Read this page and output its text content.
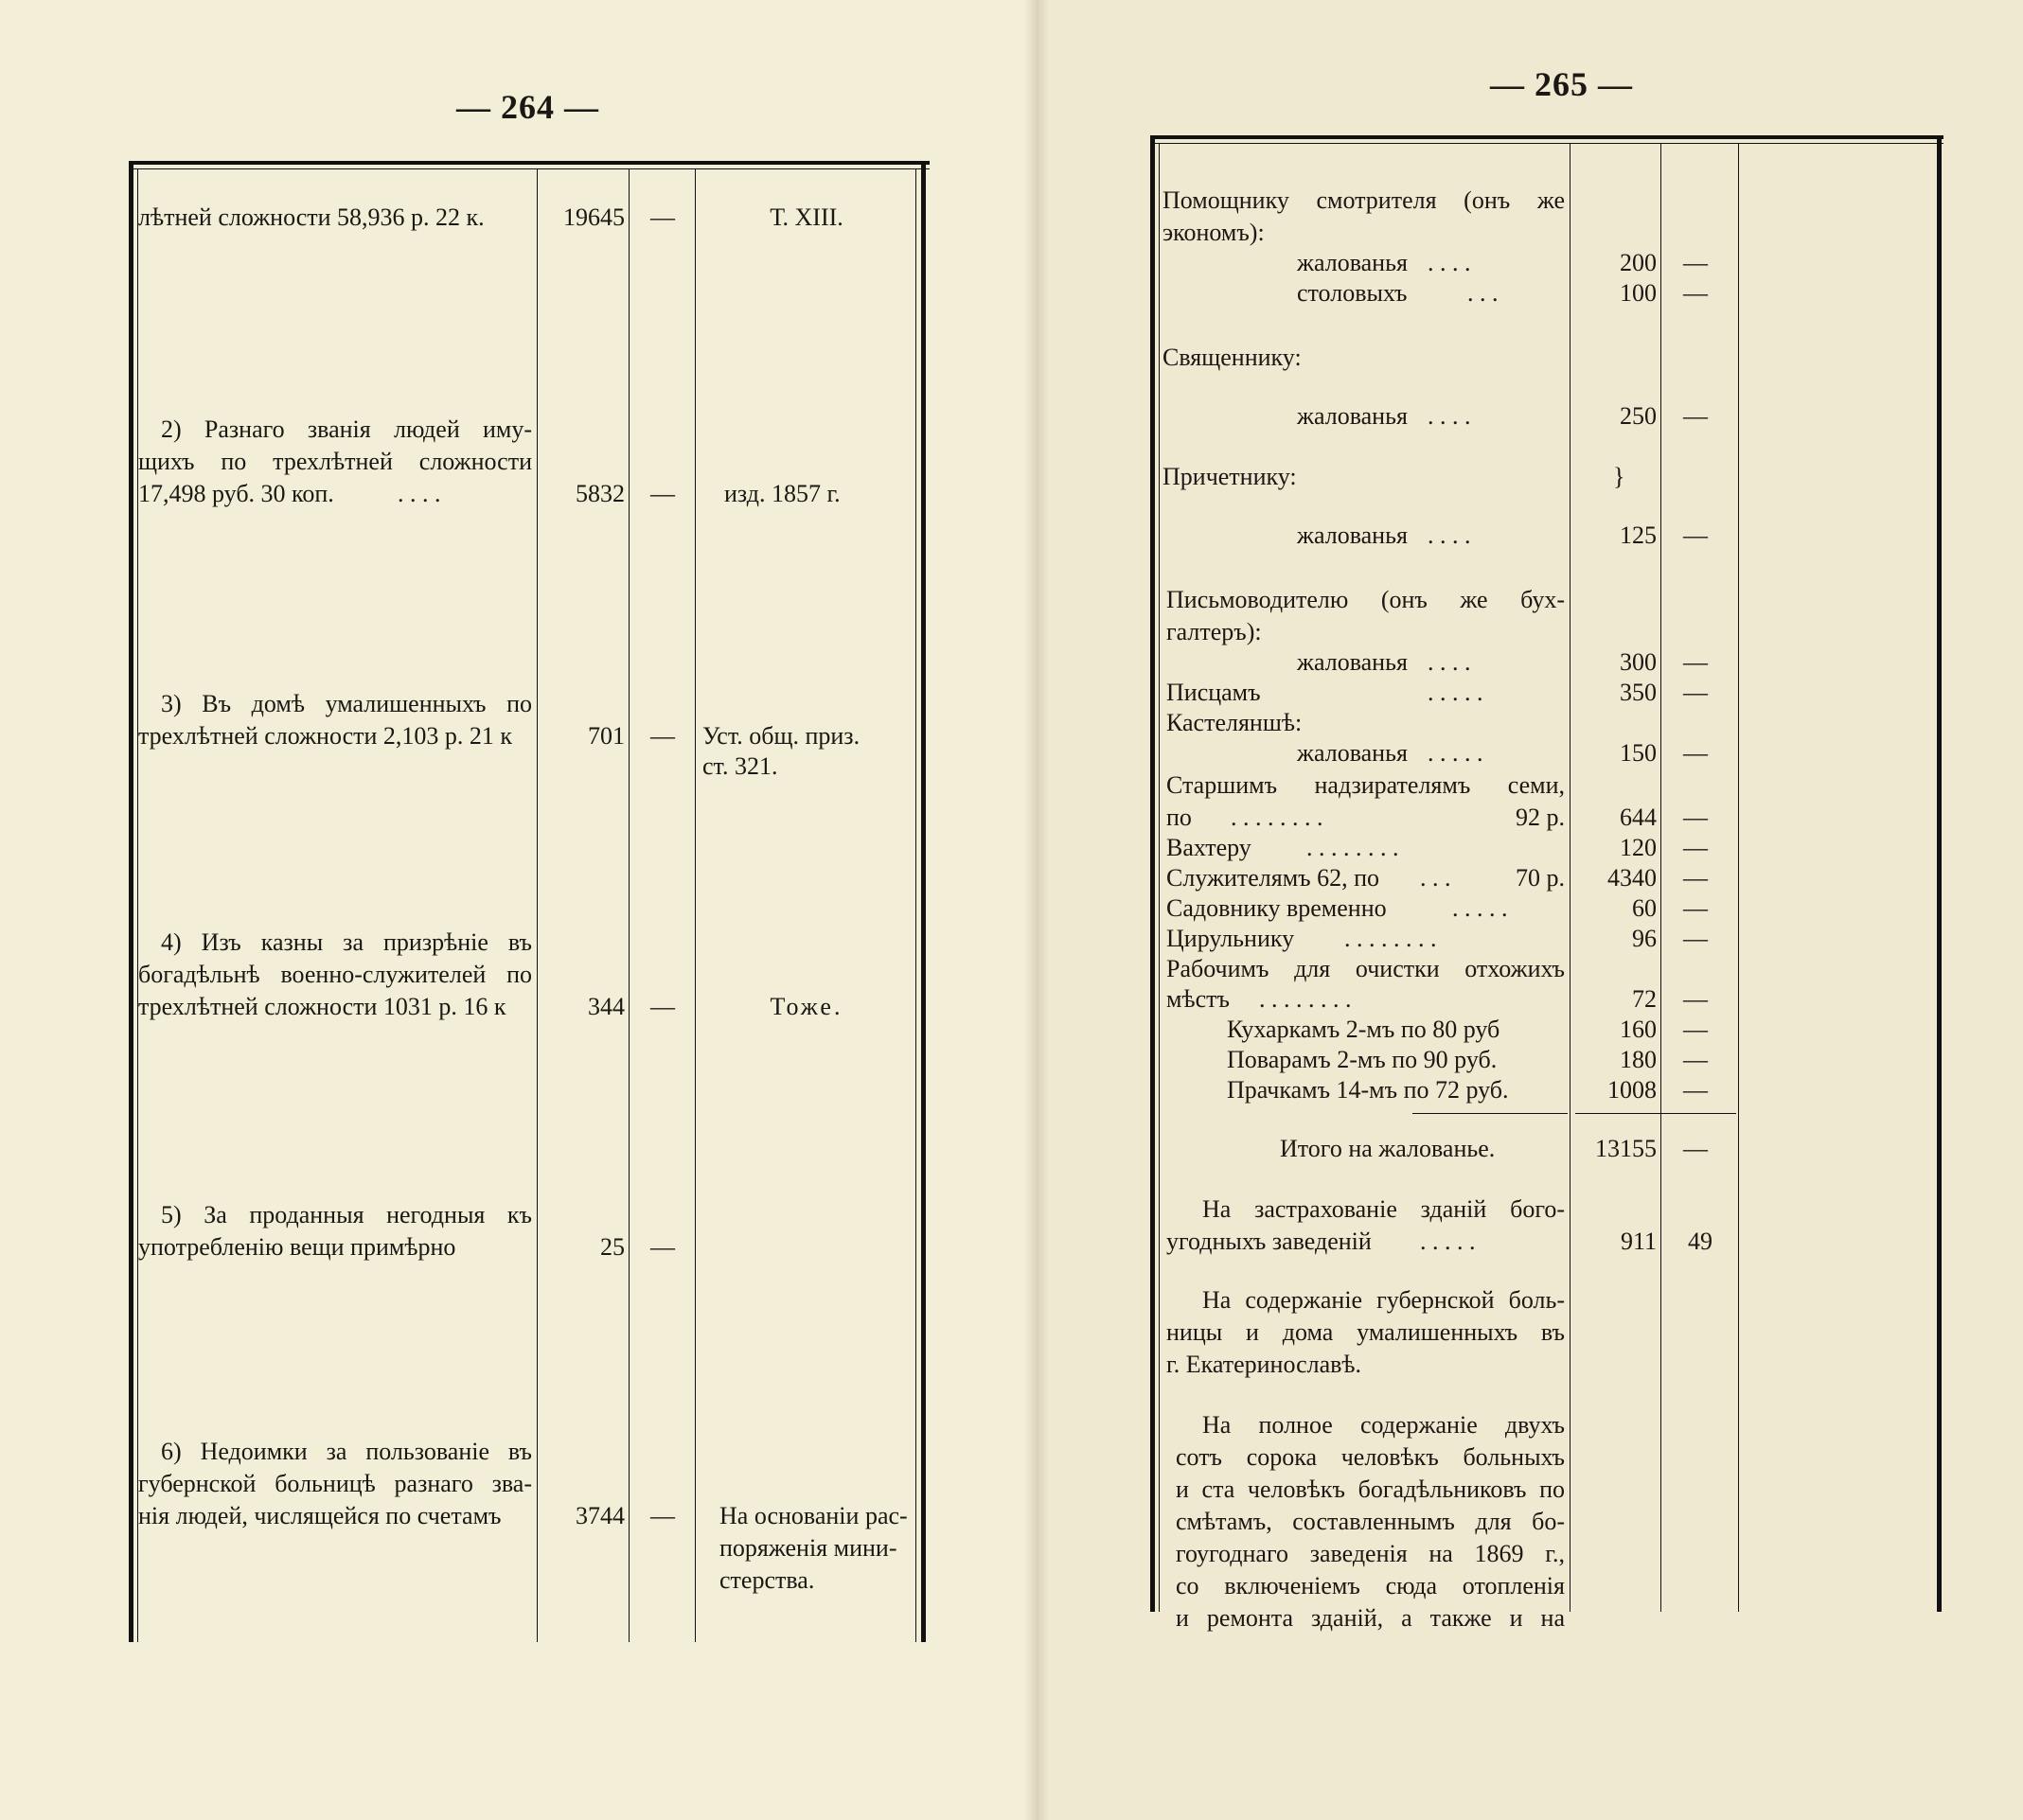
— 264 —
лѣтней сложности 58,936 р. 22 к.	19645	—	Т. XIII.
2) Разнаго званія людей иму-
щихъ по трехлѣтней сложности
17,498 руб. 30 коп.	. . . .	5832	—	изд. 1857 г.
3) Въ домѣ умалишенныхъ по
трехлѣтней сложности 2,103 р. 21 к	701	—	Уст. общ. приз.
ст. 321.
4) Изъ казны за призрѣніе въ
богадѣльнѣ военно-служителей по
трехлѣтней сложности 1031 р. 16 к	344	—	Тоже.
5) За проданныя негодныя къ
употребленію вещи примѣрно	25	—
6) Недоимки за пользованіе въ
губернской больницѣ разнаго зва-
нія людей, числящейся по счетамъ	3744	—	На основаніи рас-
поряженія мини-
стерства.
— 265 —
Помощнику смотрителя (онъ же
экономъ):
жалованья . . . .	200 —
столовыхъ . . .	100 —
Священнику:
жалованья . . . .	250 —
Причетнику:	}
жалованья . . . .	125 —
Письмоводителю (онъ же бух-
галтеръ):
жалованья . . . .	300 —
Писцамъ	. . . . .	350 —
Кастеляншѣ:
жалованья . . . . .	150 —
Старшимъ надзирателямъ семи,
по . . . . . . . .	92 р.	644 —
Вахтеру . . . . . . . .	120 —
Служителямъ 62, по . . .	70 р.	4340 —
Садовнику временно	. . . . .	60 —
Цирульнику . . . . . . . .	96 —
Рабочимъ для очистки отхожихъ
мѣстъ . . . . . . . .	72 —
Кухаркамъ 2-мъ по 80 руб	160 —
Поварамъ 2-мъ по 90 руб.	180 —
Прачкамъ 14-мъ по 72 руб.	1008 —
Итого на жалованье.	13155 —
На застрахованіе зданій бого-
угодныхъ заведеній . . . . .	911	49
На содержаніе губернской боль-
ницы и дома умалишенныхъ въ
г. Екатеринославѣ.
На полное содержаніе двухъ
сотъ сорока человѣкъ больныхъ
и ста человѣкъ богадѣльниковъ по
смѣтамъ, составленнымъ для бо-
гоугоднаго заведенія на 1869 г.,
со включеніемъ сюда отопленія
и ремонта зданій, а также и на
